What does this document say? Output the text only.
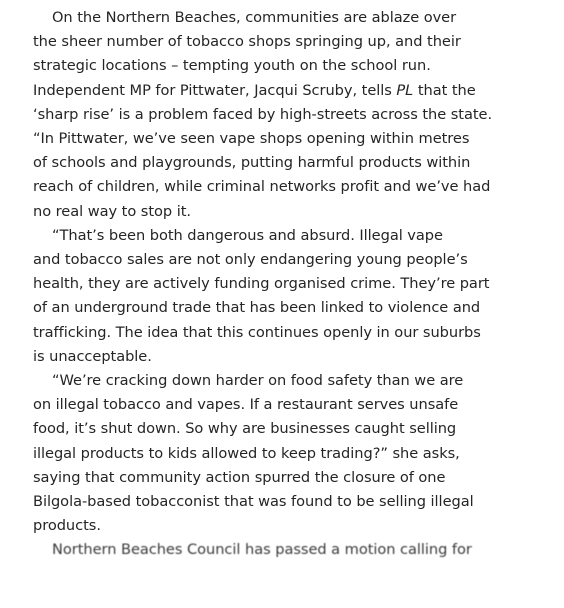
On the Northern Beaches, communities are ablaze over
the sheer number of tobacco shops springing up, and their
strategic locations – tempting youth on the school run.
Independent MP for Pittwater, Jacqui Scruby, tells PL that the
‘sharp rise’ is a problem faced by high-streets across the state.
“In Pittwater, we’ve seen vape shops opening within metres
of schools and playgrounds, putting harmful products within
reach of children, while criminal networks profit and we’ve had
no real way to stop it.

“That’s been both dangerous and absurd. Illegal vape
and tobacco sales are not only endangering young people’s
health, they are actively funding organised crime. They’re part
of an underground trade that has been linked to violence and
trafficking. The idea that this continues openly in our suburbs
is unacceptable.

“We’re cracking down harder on food safety than we are
on illegal tobacco and vapes. If a restaurant serves unsafe
food, it’s shut down. So why are businesses caught selling
illegal products to kids allowed to keep trading?” she asks,
saying that community action spurred the closure of one
Bilgola-based tobacconist that was found to be selling illegal
products.

Northern Beaches Council has passed a motion calling for
